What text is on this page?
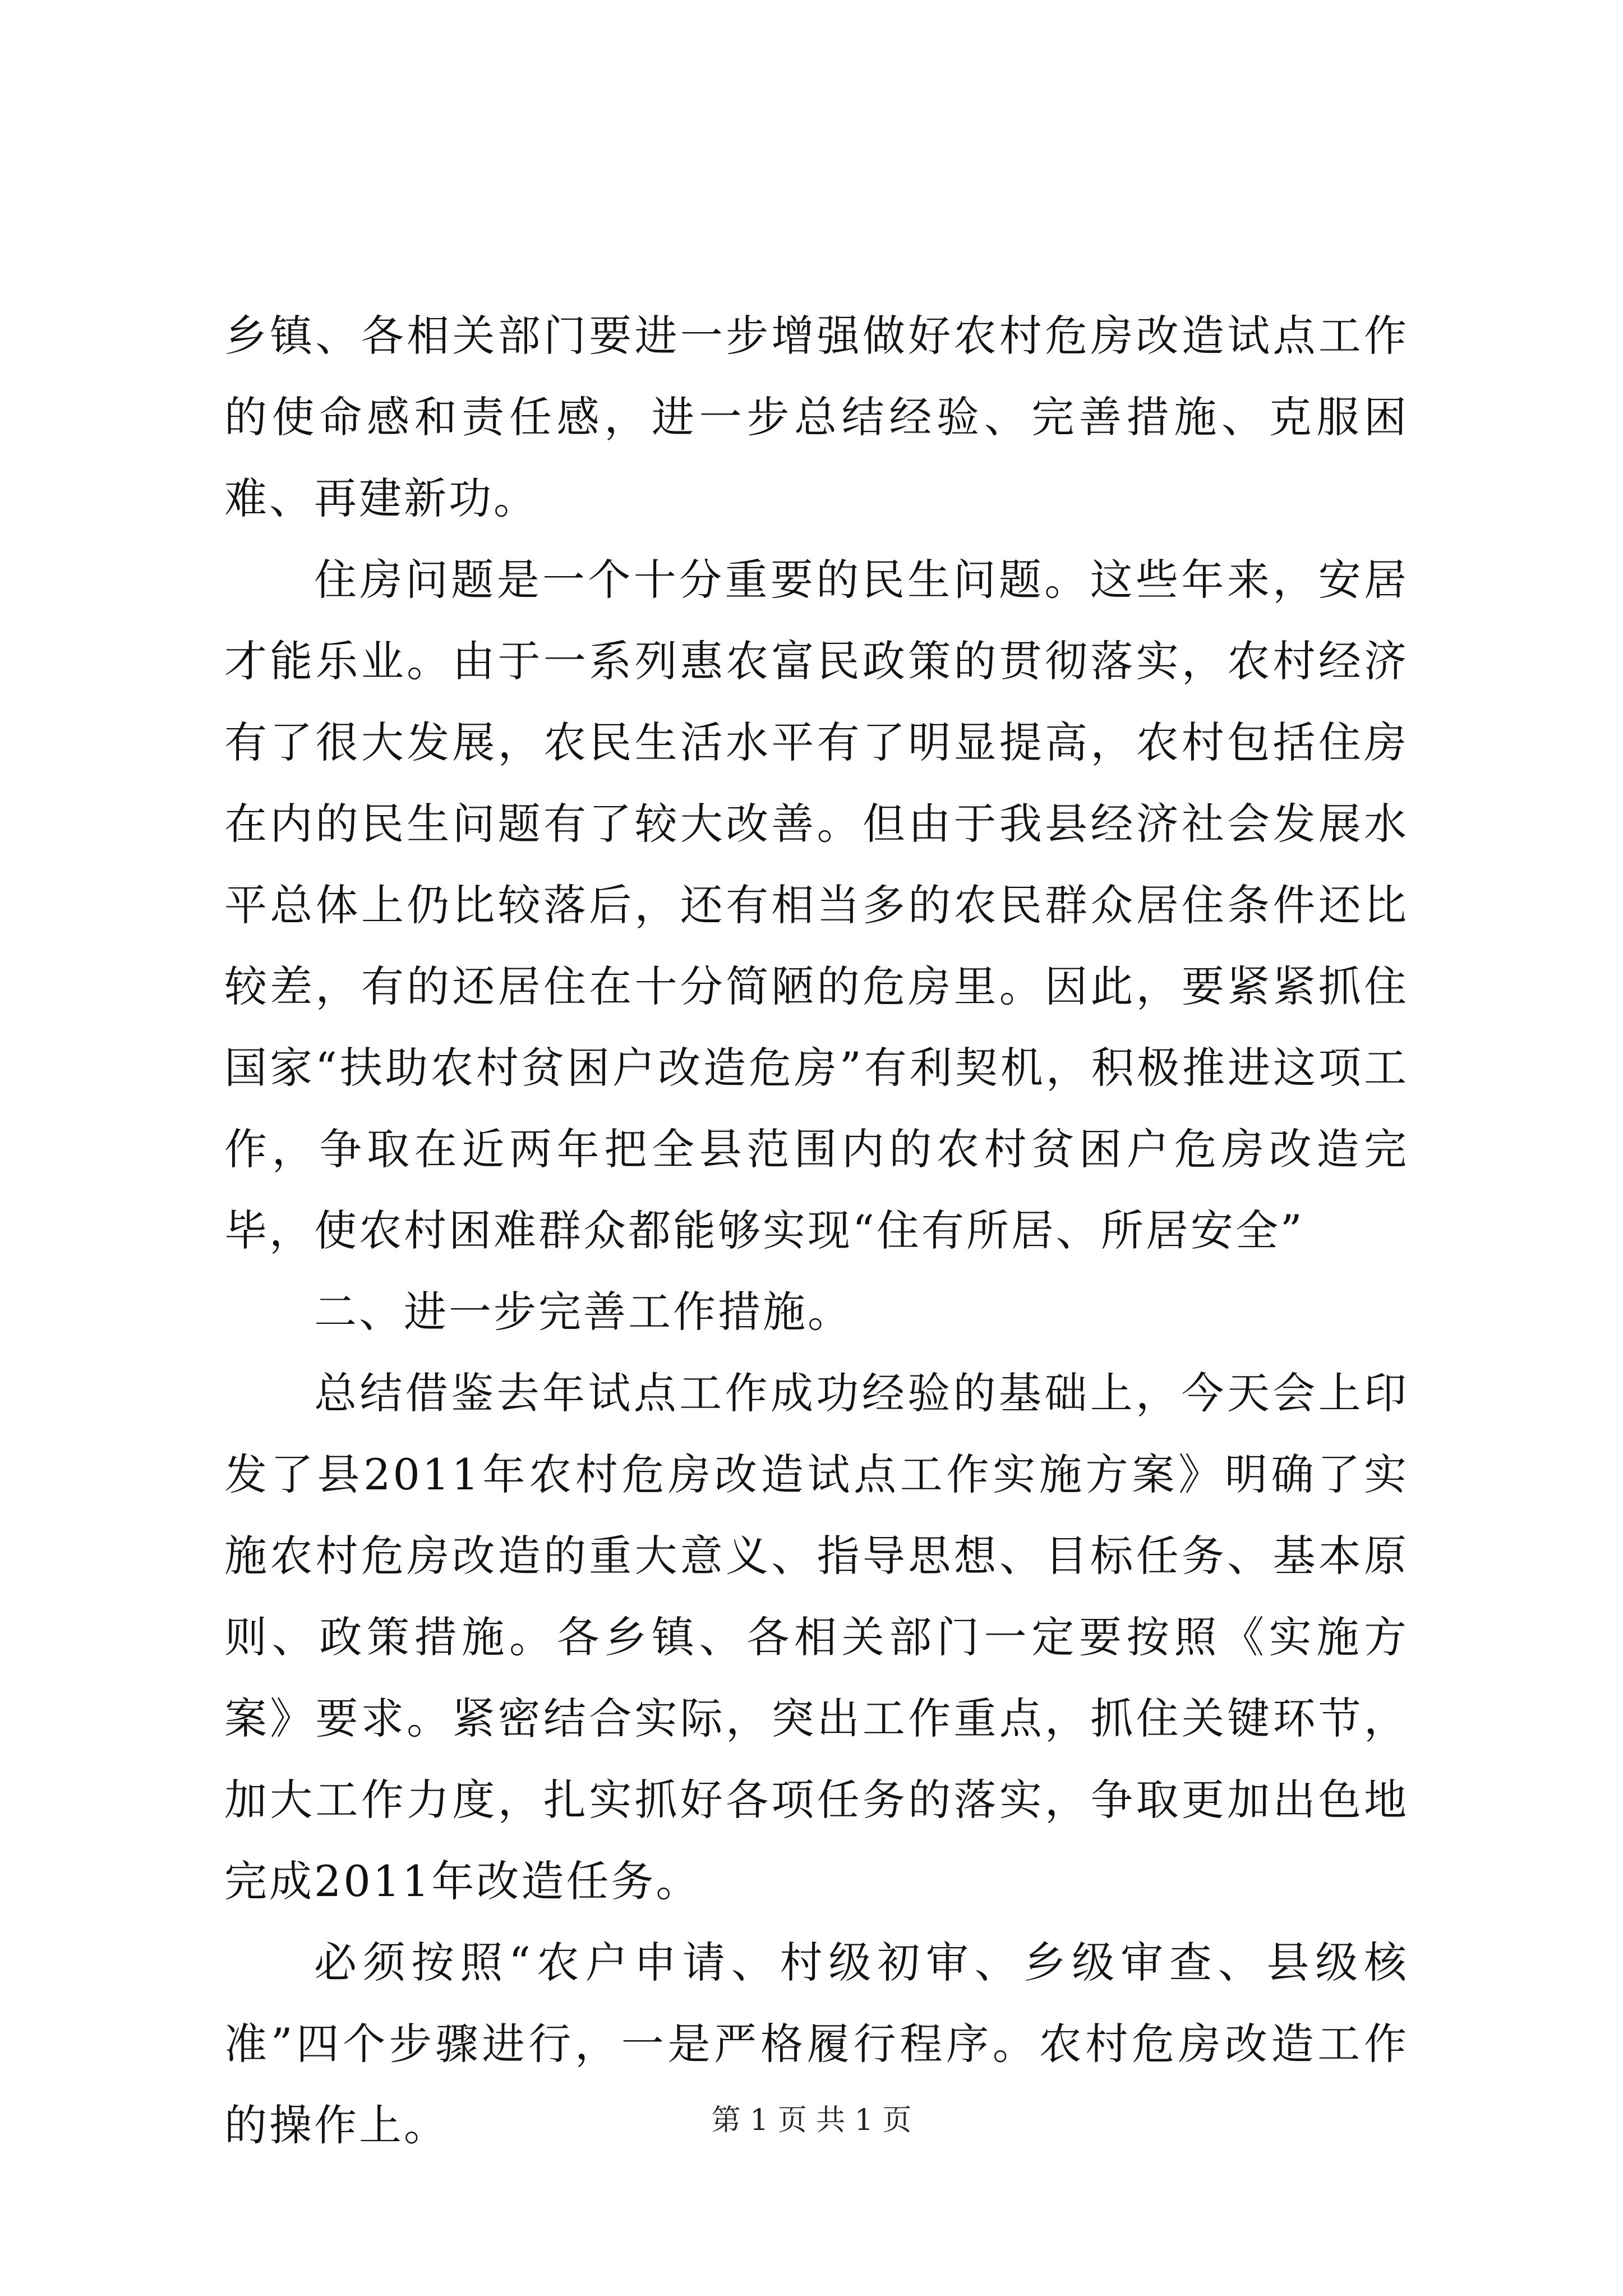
乡镇、各相关部门要进一步增强做好农村危房改造试点工作的使命感和责任感，进一步总结经验、完善措施、克服困难、再建新功。

住房问题是一个十分重要的民生问题。这些年来，安居才能乐业。由于一系列惠农富民政策的贯彻落实，农村经济有了很大发展，农民生活水平有了明显提高，农村包括住房在内的民生问题有了较大改善。但由于我县经济社会发展水平总体上仍比较落后，还有相当多的农民群众居住条件还比较差，有的还居住在十分简陋的危房里。因此，要紧紧抓住国家“扶助农村贫困户改造危房”有利契机，积极推进这项工作，争取在近两年把全县范围内的农村贫困户危房改造完毕，使农村困难群众都能够实现“住有所居、所居安全”

二、进一步完善工作措施。

总结借鉴去年试点工作成功经验的基础上，今天会上印发了县2011年农村危房改造试点工作实施方案》明确了实施农村危房改造的重大意义、指导思想、目标任务、基本原则、政策措施。各乡镇、各相关部门一定要按照《实施方案》要求。紧密结合实际，突出工作重点，抓住关键环节，加大工作力度，扎实抓好各项任务的落实，争取更加出色地完成2011年改造任务。

必须按照“农户申请、村级初审、乡级审查、县级核准”四个步骤进行，一是严格履行程序。农村危房改造工作的操作上。	第 1 页 共 1 页
